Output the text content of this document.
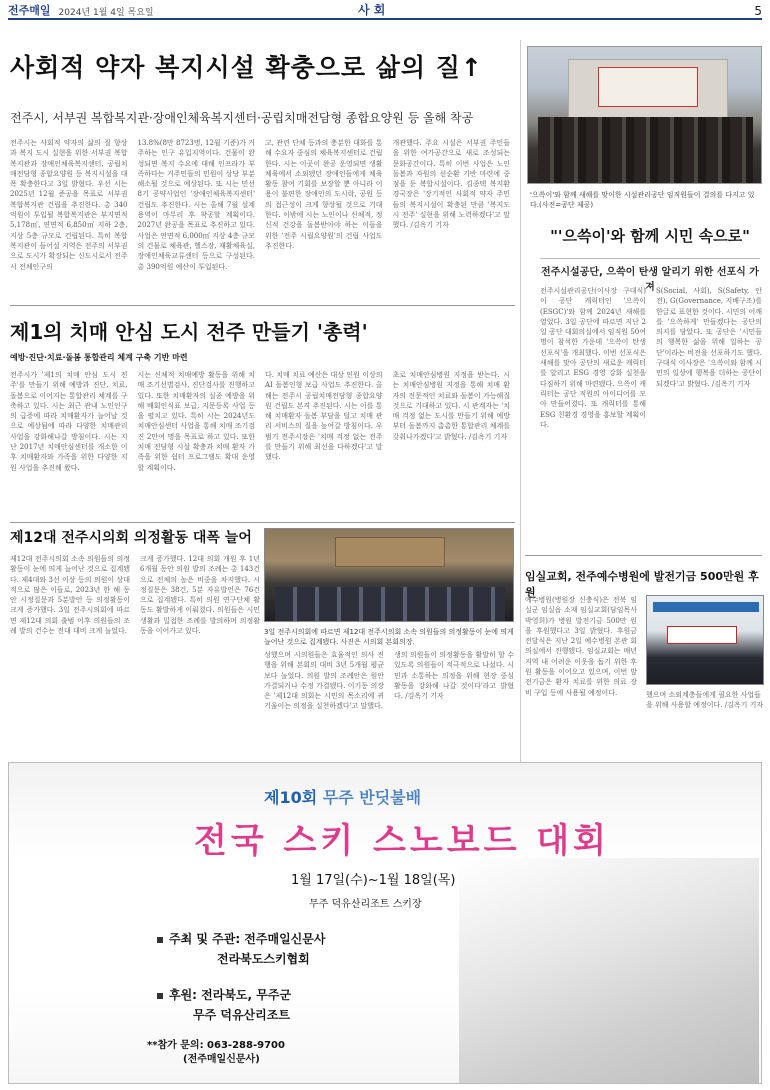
전주매일 2024년 1월 4일 목요일	사 회	5
사회적 약자 복지시설 확충으로 삶의 질↑
전주시, 서부권 복합복지관·장애인체육복지센터·공립치매전담형 종합요양원 등 올해 착공
전주시는 사회적 약자의 삶의 질 향상과 복지 도시 실현을 위한 서부권 복합복지관과 장애인체육복지센터, 공립치매전담형 종합요양원 등 복지시설을 대폭 확충한다고 3일 밝혔다. 우선 시는 2025년 12월 준공을 목표로 서부권 복합복지관 건립을 추진한다. 총 340억원이 투입될 복합복지관은 부지면적 5,178㎡, 연면적 6,850㎡ 지하 2층, 지상 5층 규모로 건립된다. 특히 복합복지관이 들어설 지역은 전주의 서부권으로 도시가 확장되는 신도시로서 전주시 전체인구의
13.8%(8만 8723명, 12월 기준)가 거주하는 인구 유입지역이다. 건물이 완성되면 복지 수요에 대해 인프라가 부족하다는 거주민들의 민원이 상당 부분 해소될 것으로 예상된다. 또 시는 민선8기 공약사업인 '장애인체육복지센터' 건립도 추진한다. 시는 올해 7월 설계용역이 마무리 후 착공할 계획이다. 2027년 완공을 목표로 추진하고 있다. 사업은 연면적 6,000㎡ 지상 4층 규모의 건물로 체육관, 헬스장, 재활체육실, 장애인체육교류센터 등으로 구성된다. 총 390억원 예산이 투입된다.
고, 관련 단체 등과의 충분한 대화를 통해 수요자 중심의 체육복지센터로 건립한다. 시는 이곳이 완공 운영되면 생활체육에서 소외됐던 장애인들에게 체육활동 참여 기회를 보장할 뿐 아니라 이용이 불편한 장애인의 도시락, 공원 등의 접근성이 크게 향상될 것으로 기대한다. 이밖에 시는 노인이나 신체적, 정신적 건강을 돌봄받아야 하는 이들을 위한 '전주 시립요양원'의 건립 사업도 추진한다.
개관했다. 주요 시설은 서부권 주민들을 위한 여가공간으로 새로 조성되는 문화공간이다. 특히 이번 사업은 노인 돌봄과 자원의 선순환 기반 마련에 중점을 둔 복합시설이다. 김종택 복지환경국장은 '장기적인 사회적 약자 주민들의 복지시설이 확충된 만큼 '복지도시 전주' 실현을 위해 노력하겠다'고 말했다. /김옥기 기자
'으쓱이'와 함께 새해를 맞이한 시설관리공단 임직원들이 결의를 다지고 있다.(사진=공단 제공)
"'으쓱이'와 함께 시민 속으로"
전주시설공단, 으쓱이 탄생 알리기 위한 선포식 가져
전주시설관리공단(이사장 구대식)이 공단 캐릭터인 '으쓱이(ESGC)'와 함께 2024년 새해를 열었다. 3일 공단에 따르면 지난 2일 공단 대회의실에서 임직원 50여 명이 참석한 가운데 '으쓱이 탄생 선포식'을 개최했다. 이번 선포식은 새해를 맞아 공단의 새로운 캐릭터를 알리고 ESG 경영 강화 실천을 다짐하기 위해 마련됐다. 으쓱이 캐릭터는 공단 직원의 아이디어를 모아 만들어졌다. 또 캐릭터를 통해 ESG 친환경 경영을 홍보할 계획이다.
S(Social, 사회), S(Safety, 안전), G(Governance, 지배구조)를 한글로 표현한 것이다. 시민의 어깨를 '으쓱하게' 만들겠다는 공단의 의지를 담았다. 또 공단은 '시민들의 행복한 삶을 위해 일하는 공단'이라는 비전을 선포하기도 했다. 구대식 이사장은 '으쓱이와 함께 시민의 일상에 행복을 더하는 공단이 되겠다'고 밝혔다. /김옥기 기자
제1의 치매 안심 도시 전주 만들기 '총력'
예방·진단·치료·돌봄 통합관리 체계 구축 기반 마련
전주시가 '제1의 치매 안심 도시 전주'를 만들기 위해 예방과 진단, 치료, 돌봄으로 이어지는 통합관리 체계를 구축하고 있다. 시는 최근 관내 노인인구의 급증에 따라 치매환자가 늘어날 것으로 예상됨에 따라 다양한 치매관리 사업을 강화해나갈 방침이다. 시는 지난 2017년 치매안심센터를 개소한 이후 치매환자와 가족을 위한 다양한 지원 사업을 추진해 왔다.
시는 신체적 치매예방 활동을 위해 치매 조기선별검사, 진단검사를 진행하고 있다. 또한 치매환자의 실종 예방을 위해 배회인식표 보급, 지문등록 사업 등을 펼치고 있다. 특히 시는 2024년도 치매안심센터 사업을 통해 치매 조기검진 2만여 명을 목표로 하고 있다. 또한 치매 전담형 시설 확충과 치매 환자 가족을 위한 쉼터 프로그램도 확대 운영할 계획이다.
다. 치매 치료 예산은 대상 인원 이상의 AI 돌봄인형 보급 사업도 추진한다. 올해는 전주시 공립치매전담형 종합요양원 건립도 본격 추진된다. 시는 이를 통해 치매환자 돌봄 부담을 덜고 치매 관리 서비스의 질을 높여갈 방침이다. 우범기 전주시장은 '치매 걱정 없는 전주를 만들기 위해 최선을 다하겠다'고 말했다.
초로 치매안심병원 지정을 받는다. 시는 치매안심병원 지정을 통해 치매 환자의 전문적인 치료와 돌봄이 가능해질 것으로 기대하고 있다. 시 관계자는 '치매 걱정 없는 도시를 만들기 위해 예방부터 돌봄까지 촘촘한 통합관리 체계를 갖춰나가겠다'고 밝혔다. /김옥기 기자
제12대 전주시의회 의정활동 대폭 늘어
제12대 전주시의회 소속 의원들의 의정활동이 눈에 띄게 늘어난 것으로 집계됐다. 제4대와 3선 이상 등의 의원이 상대적으로 많은 이들로, 2023년 한 해 동안 시정질문과 5분발언 등 의정활동이 크게 증가했다. 3일 전주시의회에 따르면 제12대 의회 출범 이후 의원들의 조례 발의 건수는 전대 대비 크게 늘었다.
크게 증가했다. 12대 의회 개원 후 1년 6개월 동안 의원 발의 조례는 총 143건으로 전체의 높은 비중을 차지했다. 시정질문은 38건, 5분 자유발언은 76건으로 집계됐다. 특히 의원 연구단체 활동도 활발하게 이뤄졌다. 의원들은 시민 생활과 밀접한 조례를 발의하며 의정활동을 이어가고 있다.	3일 전주시의회에 따르면 제12대 전주시의회 소속 의원들의 의정활동이 눈에 띄게 늘어난 것으로 집계됐다. 사진은 시의회 본회의장.
성했으며 시의원들은 효율적인 의사 진행을 위해 본회의 대비 3년 5개월 평균보다 늘었다. 의원 발의 조례안은 원안 가결되거나 수정 가결됐다. 이기동 의장은 '제12대 의회는 시민의 목소리에 귀 기울이는 의정을 실천하겠다'고 말했다.
생의 의원들이 의정활동을 활발히 할 수 있도록 의원들이 적극적으로 나섰다. 시민과 소통하는 의정을 위해 현장 중심 활동을 강화해 나갈 것이다'라고 밝혔다. /김옥기 기자
임실교회, 전주예수병원에 발전기금 500만원 후원
예수병원(병원장 신충식)은 전북 임실군 임실읍 소재 임실교회(담임목사 박영희)가 병원 발전기금 500만 원을 후원했다고 3일 밝혔다. 후원금 전달식은 지난 2일 예수병원 본관 회의실에서 진행됐다. 임실교회는 매년 지역 내 어려운 이웃을 돕기 위한 후원 활동을 이어오고 있으며, 이번 발전기금은 환자 치료를 위한 의료 장비 구입 등에 사용될 예정이다.	했으며 소외계층들에게 필요한 사업들을 위해 사용할 예정이다. /김옥기 기자
제10회 무주 반딧불배
전국 스키 스노보드 대회
1월 17일(수)~1월 18일(목)
무주 덕유산리조트 스키장
주최 및 주관: 전주매일신문사
전라북도스키협회
후원: 전라북도, 무주군
무주 덕유산리조트
**참가 문의: 063-288-9700
(전주매일신문사)
